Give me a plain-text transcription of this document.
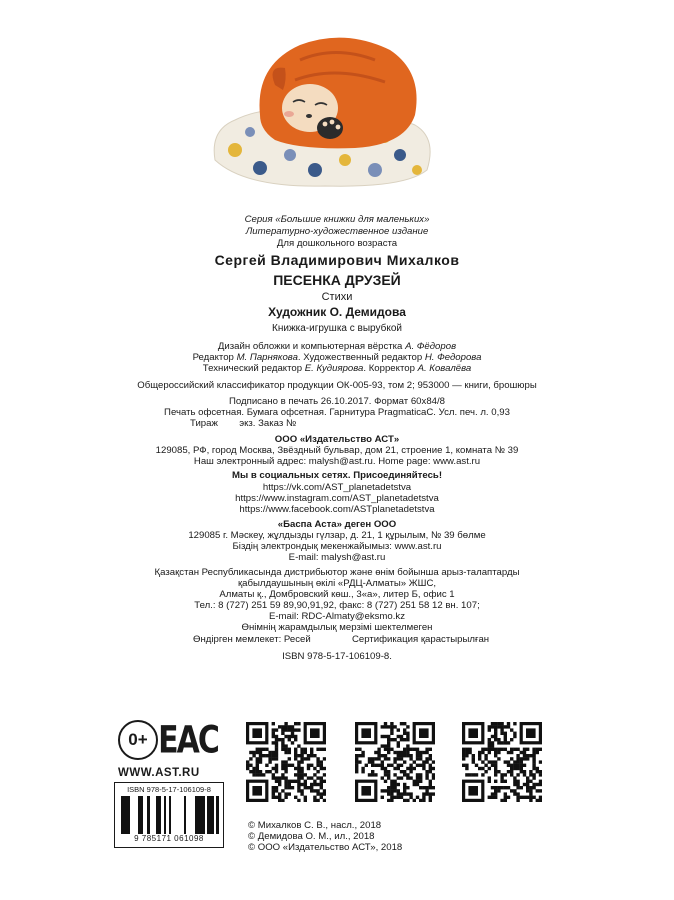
Серия «Большие книжки для маленьких»
Литературно-художественное издание
Для дошкольного возраста
Сергей Владимирович Михалков
ПЕСЕНКА ДРУЗЕЙ
Стихи
Художник О. Демидова
Книжка-игрушка с вырубкой
Дизайн обложки и компьютерная вёрстка А. Фёдоров
Редактор М. Парнякова. Художественный редактор Н. Федорова
Технический редактор Е. Кудиярова. Корректор А. Ковалёва
Общероссийский классификатор продукции ОК-005-93, том 2; 953000 — книги, брошюры
Подписано в печать 26.10.2017. Формат 60x84/8
Печать офсетная. Бумага офсетная. Гарнитура PragmaticaC. Усл. печ. л. 0,93
Тираж        экз. Заказ №
ООО «Издательство АСТ»
129085, РФ, город Москва, Звёздный бульвар, дом 21, строение 1, комната № 39
Наш электронный адрес: malysh@ast.ru. Home page: www.ast.ru
Мы в социальных сетях. Присоединяйтесь!
https://vk.com/AST_planetadetstva
https://www.instagram.com/AST_planetadetstva
https://www.facebook.com/ASTplanetadetstva
«Баспа Аста» деген ООО
129085 г. Мәскеу, жұлдызды гүлзар, д. 21, 1 құрылым, № 39 бөлме
Біздің электрондық мекенжайымыз: www.ast.ru
E-mail: malysh@ast.ru
Қазақстан Республикасында дистрибьютор және өнім бойынша арыз-талаптарды
қабылдаушының өкілі «РДЦ-Алматы» ЖШС,
Алматы қ., Домбровский көш., 3«а», литер Б, офис 1
Тел.: 8 (727) 251 59 89,90,91,92, факс: 8 (727) 251 58 12 вн. 107;
E-mail: RDC-Almaty@eksmo.kz
Өнімнің жарамдылық мерзімі шектелмеген
Өндірген мемлекет: Ресей	Сертификация қарастырылған
ISBN 978-5-17-106109-8.
0+ EAC
WWW.AST.RU
ISBN 978-5-17-106109-8
9 785171 061098
© Михалков С. В., насл., 2018
© Демидова О. М., ил., 2018
© ООО «Издательство АСТ», 2018
